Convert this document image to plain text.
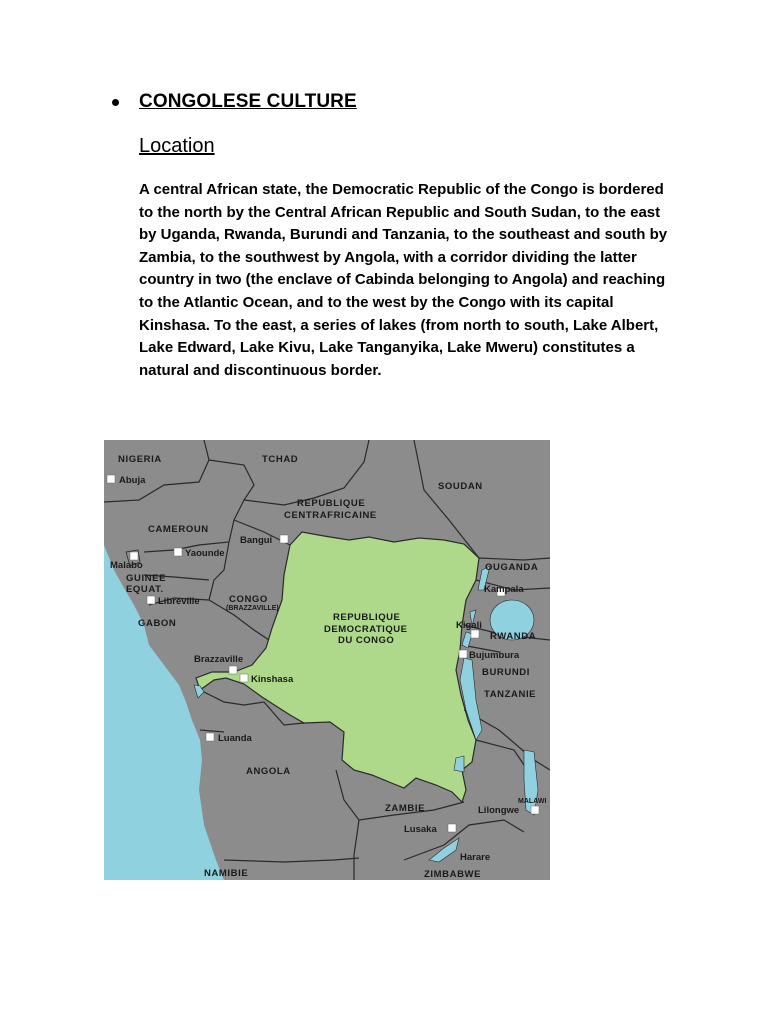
CONGOLESE CULTURE
Location
A central African state, the Democratic Republic of the Congo is bordered to the north by the Central African Republic and South Sudan, to the east by Uganda, Rwanda, Burundi and Tanzania, to the southeast and south by Zambia, to the southwest by Angola, with a corridor dividing the latter country in two (the enclave of Cabinda belonging to Angola) and reaching to the Atlantic Ocean, and to the west by the Congo with its capital Kinshasa. To the east, a series of lakes (from north to south, Lake Albert, Lake Edward, Lake Kivu, Lake Tanganyika, Lake Mweru) constitutes a natural and discontinuous border.
NIGERIA	TCHAD
SOUDAN
REPUBLIQUE
CENTRAFRICAINE
CAMEROUN
GUINEE
EQUAT.
CONGO
(BRAZZAVILLE)
GABON
OUGANDA
RWANDA
BURUNDI
TANZANIE
ANGOLA
ZAMBIE
MALAWI
NAMIBIE	ZIMBABWE
REPUBLIQUE
DEMOCRATIQUE
DU CONGO
Abuja
Bangui
Yaounde
Malabo
Libreville
Brazzaville
Kinshasa
Kampala
Kigali
Bujumbura
Luanda
Lusaka
Lilongwe
Harare
